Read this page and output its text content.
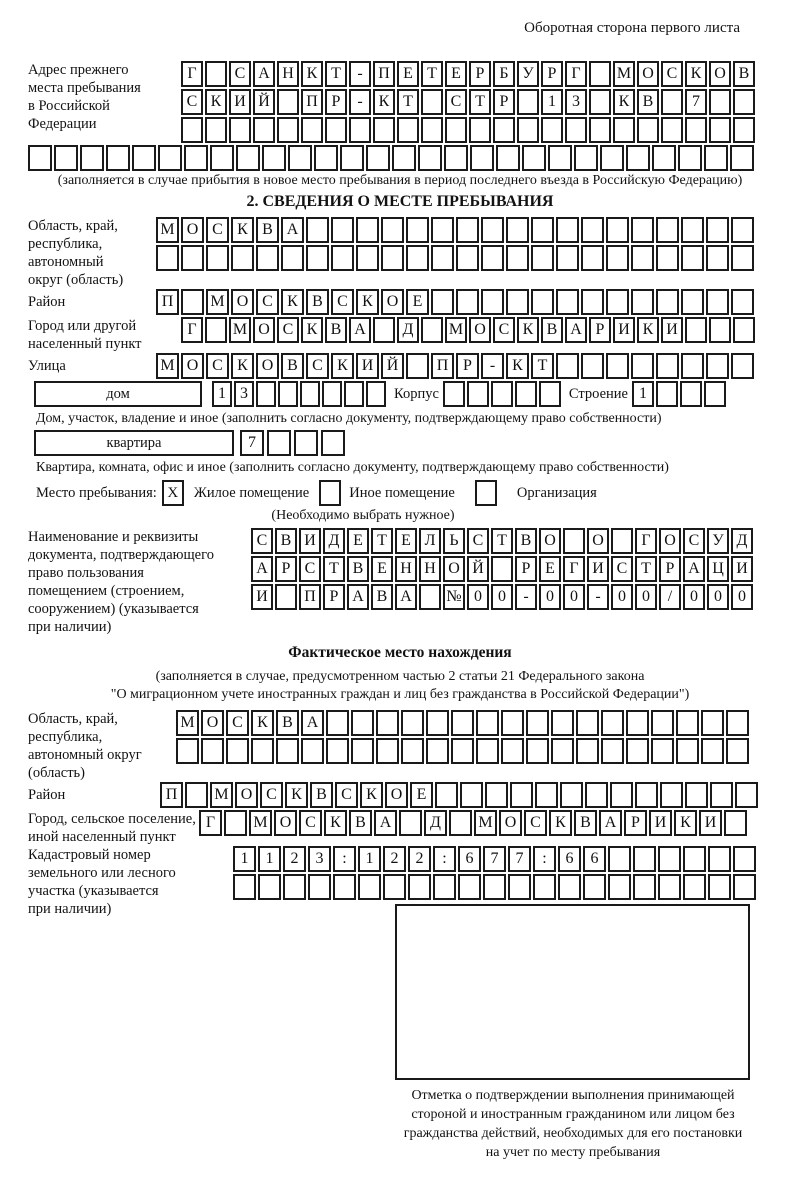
Оборотная сторона первого листа
Адрес прежнего
места пребывания
в Российской
Федерации
Г	С А Н К Т	- П Е Т Е Р Б У Р Г	М О С К О В
С К И Й	П Р	-	К Т	С Т Р	1	3	К В	7
(заполняется в случае прибытия в новое место пребывания в период последнего въезда в Российскую Федерацию)
2. СВЕДЕНИЯ О МЕСТЕ ПРЕБЫВАНИЯ
Область, край,
республика,
автономный
округ (область)
М О С К В А
Район	П	М О С К В С К О Е
Город или другой
населенный пункт
Г	М О С К В А	Д	М О С К В А Р И К И
Улица	М О С К О В С К И Й	П Р	-	К Т
дом	1 3	Корпус	Строение 1
Дом, участок, владение и иное (заполнить согласно документу, подтверждающему право собственности)
квартира	7
Квартира, комната, офис и иное (заполнить согласно документу, подтверждающему право собственности)
Место пребывания: X	Жилое помещение	Иное помещение	Организация
(Необходимо выбрать нужное)
Наименование и реквизиты
документа, подтверждающего
право пользования
помещением (строением,
сооружением) (указывается
при наличии)
С В И Д Е Т Е Л Ь С Т В О	О	Г О С У Д
А Р С Т В Е Н Н О Й	Р Е Г И С Т Р А Ц И
И	П Р А В А	№ 0	0	-	0	0	-	0	0	/	0	0	0
Фактическое место нахождения
(заполняется в случае, предусмотренном частью 2 статьи 21 Федерального закона
"О миграционном учете иностранных граждан и лиц без гражданства в Российской Федерации")
Область, край,
республика,
автономный округ
(область)
М О С К В А
Район	П	М О С К В С К О Е
Город, сельское поселение,
иной населенный пункт
Г	М О С К В А	Д	М О С К В А Р И К И
Кадастровый номер
земельного или лесного
участка (указывается
при наличии)
1	1	2	3	:	1	2	2	:	6	7	7	:	6	6
Отметка о подтверждении выполнения принимающей
стороной и иностранным гражданином или лицом без
гражданства действий, необходимых для его постановки
на учет по месту пребывания
